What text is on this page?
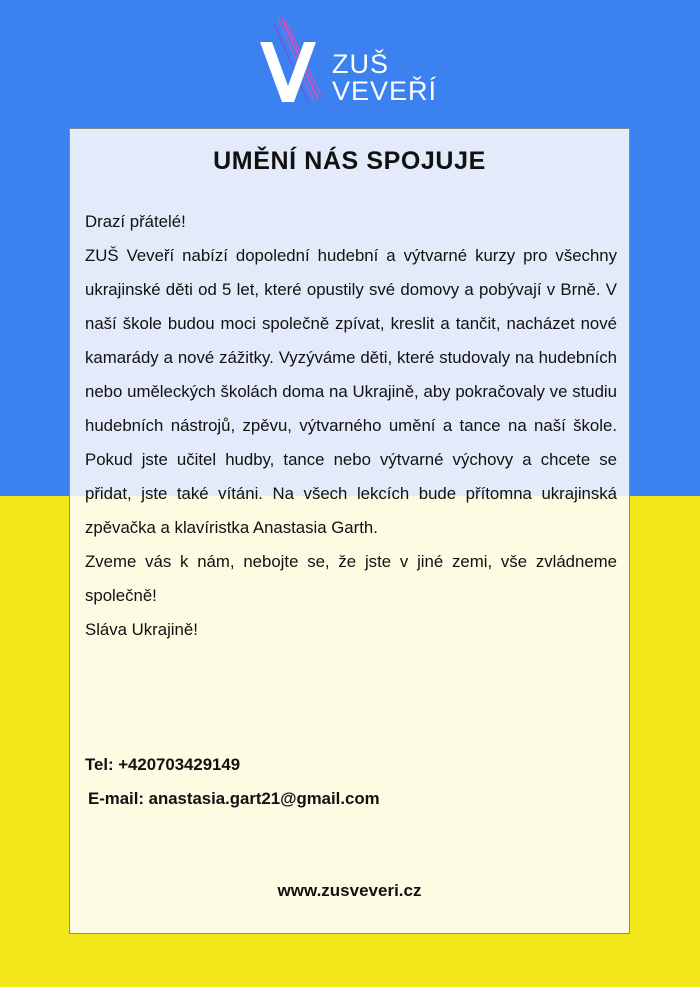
ZUŠ
VEVEŘÍ
UMĚNÍ NÁS SPOJUJE

Drazí přátelé!

ZUŠ Veveří nabízí dopolední hudební a výtvarné kurzy pro všechny ukrajinské děti od 5 let, které opustily své domovy a pobývají v Brně. V naší škole budou moci společně zpívat, kreslit a tančit, nacházet nové kamarády a nové zážitky. Vyzýváme děti, které studovaly na hudebních nebo uměleckých školách doma na Ukrajině, aby pokračovaly ve studiu hudebních nástrojů, zpěvu, výtvarného umění a tance na naší škole. Pokud jste učitel hudby, tance nebo výtvarné výchovy a chcete se přidat, jste také vítáni. Na všech lekcích bude přítomna ukrajinská zpěvačka a klavíristka Anastasia Garth.

Zveme vás k nám, nebojte se, že jste v jiné zemi, vše zvládneme společně!

Sláva Ukrajině!

Tel: +420703429149
E-mail: anastasia.gart21@gmail.com
www.zusveveri.cz
